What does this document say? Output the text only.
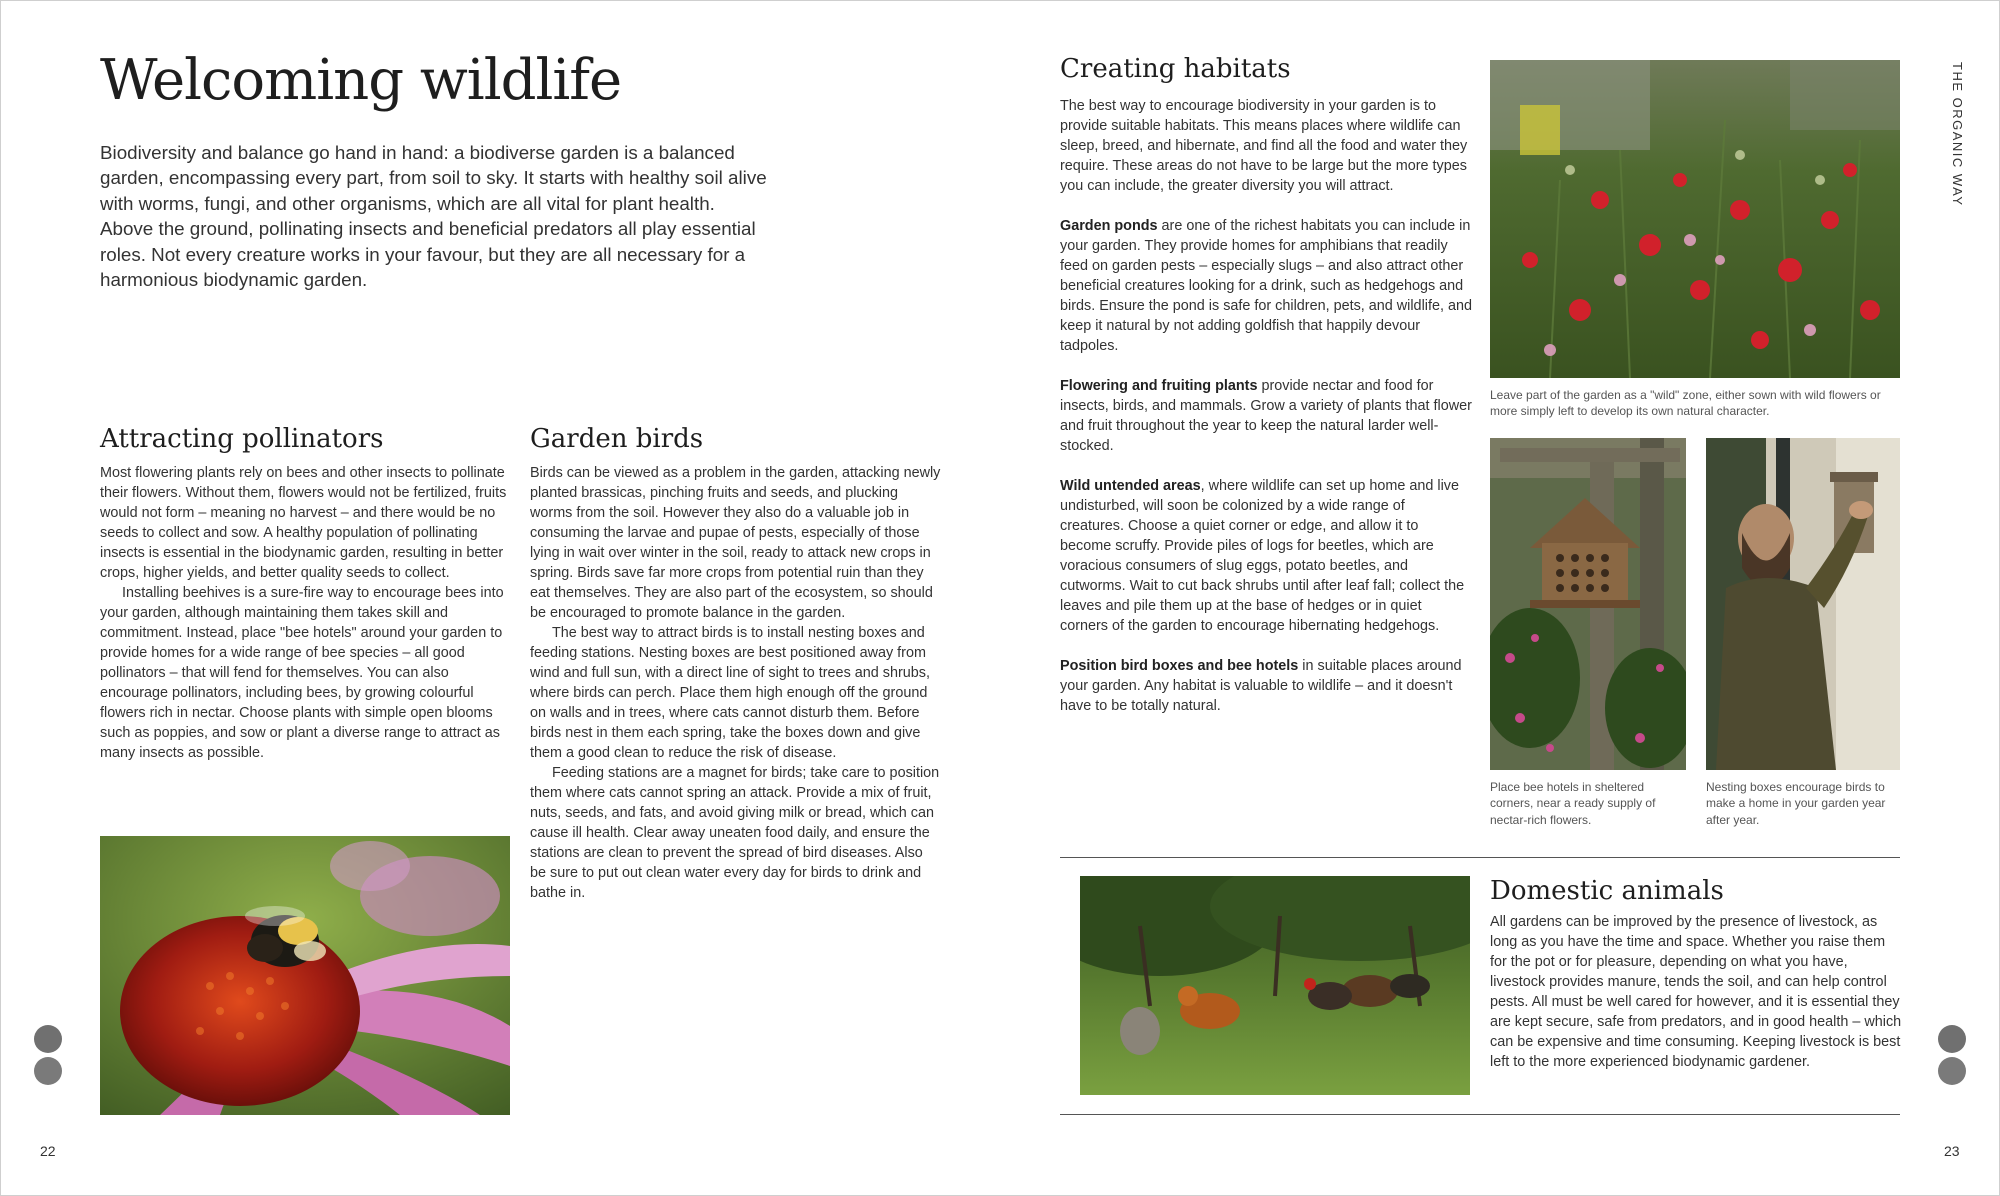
Welcoming wildlife
Biodiversity and balance go hand in hand: a biodiverse garden is a balanced garden, encompassing every part, from soil to sky. It starts with healthy soil alive with worms, fungi, and other organisms, which are all vital for plant health. Above the ground, pollinating insects and beneficial predators all play essential roles. Not every creature works in your favour, but they are all necessary for a harmonious biodynamic garden.
Attracting pollinators

Most flowering plants rely on bees and other insects to pollinate their flowers. Without them, flowers would not be fertilized, fruits would not form – meaning no harvest – and there would be no seeds to collect and sow. A healthy population of pollinating insects is essential in the biodynamic garden, resulting in better crops, higher yields, and better quality seeds to collect.

Installing beehives is a sure-fire way to encourage bees into your garden, although maintaining them takes skill and commitment. Instead, place "bee hotels" around your garden to provide homes for a wide range of bee species – all good pollinators – that will fend for themselves. You can also encourage pollinators, including bees, by growing colourful flowers rich in nectar. Choose plants with simple open blooms such as poppies, and sow or plant a diverse range to attract as many insects as possible.

Garden birds

Birds can be viewed as a problem in the garden, attacking newly planted brassicas, pinching fruits and seeds, and plucking worms from the soil. However they also do a valuable job in consuming the larvae and pupae of pests, especially of those lying in wait over winter in the soil, ready to attack new crops in spring. Birds save far more crops from potential ruin than they eat themselves. They are also part of the ecosystem, so should be encouraged to promote balance in the garden.

The best way to attract birds is to install nesting boxes and feeding stations. Nesting boxes are best positioned away from wind and full sun, with a direct line of sight to trees and shrubs, where birds can perch. Place them high enough off the ground on walls and in trees, where cats cannot disturb them. Before birds nest in them each spring, take the boxes down and give them a good clean to reduce the risk of disease.

Feeding stations are a magnet for birds; take care to position them where cats cannot spring an attack. Provide a mix of fruit, nuts, seeds, and fats, and avoid giving milk or bread, which can cause ill health. Clear away uneaten food daily, and ensure the stations are clean to prevent the spread of bird diseases. Also be sure to put out clean water every day for birds to drink and bathe in.

22
Creating habitats

The best way to encourage biodiversity in your garden is to provide suitable habitats. This means places where wildlife can sleep, breed, and hibernate, and find all the food and water they require. These areas do not have to be large but the more types you can include, the greater diversity you will attract.

Garden ponds are one of the richest habitats you can include in your garden. They provide homes for amphibians that readily feed on garden pests – especially slugs – and also attract other beneficial creatures looking for a drink, such as hedgehogs and birds. Ensure the pond is safe for children, pets, and wildlife, and keep it natural by not adding goldfish that happily devour tadpoles.

Flowering and fruiting plants provide nectar and food for insects, birds, and mammals. Grow a variety of plants that flower and fruit throughout the year to keep the natural larder well-stocked.

Wild untended areas, where wildlife can set up home and live undisturbed, will soon be colonized by a wide range of creatures. Choose a quiet corner or edge, and allow it to become scruffy. Provide piles of logs for beetles, which are voracious consumers of slug eggs, potato beetles, and cutworms. Wait to cut back shrubs until after leaf fall; collect the leaves and pile them up at the base of hedges or in quiet corners of the garden to encourage hibernating hedgehogs.

Position bird boxes and bee hotels in suitable places around your garden. Any habitat is valuable to wildlife – and it doesn't have to be totally natural.

Leave part of the garden as a "wild" zone, either sown with wild flowers or more simply left to develop its own natural character.
Place bee hotels in sheltered corners, near a ready supply of nectar-rich flowers.
Nesting boxes encourage birds to make a home in your garden year after year.
THE ORGANIC WAY
Domestic animals

All gardens can be improved by the presence of livestock, as long as you have the time and space. Whether you raise them for the pot or for pleasure, depending on what you have, livestock provides manure, tends the soil, and can help control pests. All must be well cared for however, and it is essential they are kept secure, safe from predators, and in good health – which can be expensive and time consuming. Keeping livestock is best left to the more experienced biodynamic gardener.

23
